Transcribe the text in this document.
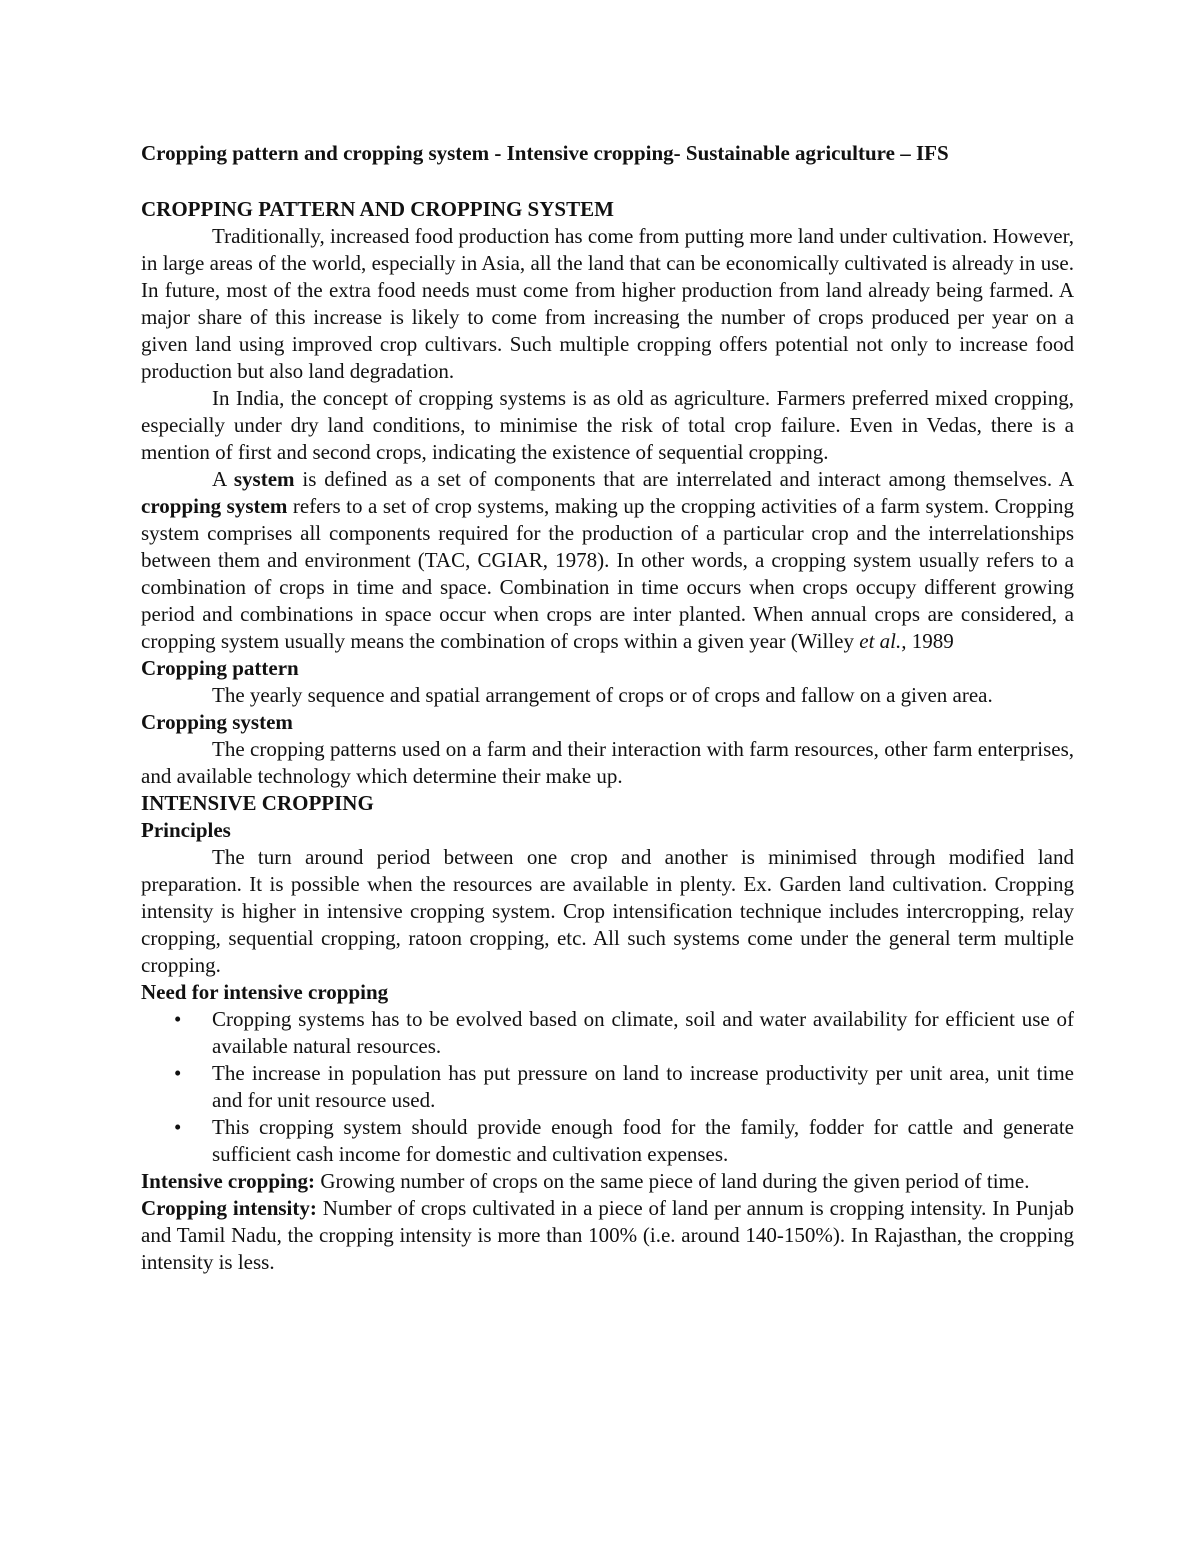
Cropping pattern and cropping system - Intensive cropping- Sustainable agriculture – IFS
CROPPING PATTERN AND CROPPING SYSTEM

Traditionally, increased food production has come from putting more land under cultivation. However, in large areas of the world, especially in Asia, all the land that can be economically cultivated is already in use. In future, most of the extra food needs must come from higher production from land already being farmed. A major share of this increase is likely to come from increasing the number of crops produced per year on a given land using improved crop cultivars. Such multiple cropping offers potential not only to increase food production but also land degradation.

In India, the concept of cropping systems is as old as agriculture. Farmers preferred mixed cropping, especially under dry land conditions, to minimise the risk of total crop failure. Even in Vedas, there is a mention of first and second crops, indicating the existence of sequential cropping.

A system is defined as a set of components that are interrelated and interact among themselves. A cropping system refers to a set of crop systems, making up the cropping activities of a farm system. Cropping system comprises all components required for the production of a particular crop and the interrelationships between them and environment (TAC, CGIAR, 1978). In other words, a cropping system usually refers to a combination of crops in time and space. Combination in time occurs when crops occupy different growing period and combinations in space occur when crops are inter planted. When annual crops are considered, a cropping system usually means the combination of crops within a given year (Willey et al., 1989

Cropping pattern

The yearly sequence and spatial arrangement of crops or of crops and fallow on a given area.

Cropping system

The cropping patterns used on a farm and their interaction with farm resources, other farm enterprises, and available technology which determine their make up.

INTENSIVE CROPPING
Principles

The turn around period between one crop and another is minimised through modified land preparation. It is possible when the resources are available in plenty. Ex. Garden land cultivation. Cropping intensity is higher in intensive cropping system. Crop intensification technique includes intercropping, relay cropping, sequential cropping, ratoon cropping, etc. All such systems come under the general term multiple cropping.

Need for intensive cropping
• Cropping systems has to be evolved based on climate, soil and water availability for efficient use of available natural resources.
• The increase in population has put pressure on land to increase productivity per unit area, unit time and for unit resource used.
• This cropping system should provide enough food for the family, fodder for cattle and generate sufficient cash income for domestic and cultivation expenses.

Intensive cropping: Growing number of crops on the same piece of land during the given period of time.

Cropping intensity: Number of crops cultivated in a piece of land per annum is cropping intensity. In Punjab and Tamil Nadu, the cropping intensity is more than 100% (i.e. around 140-150%). In Rajasthan, the cropping intensity is less.
